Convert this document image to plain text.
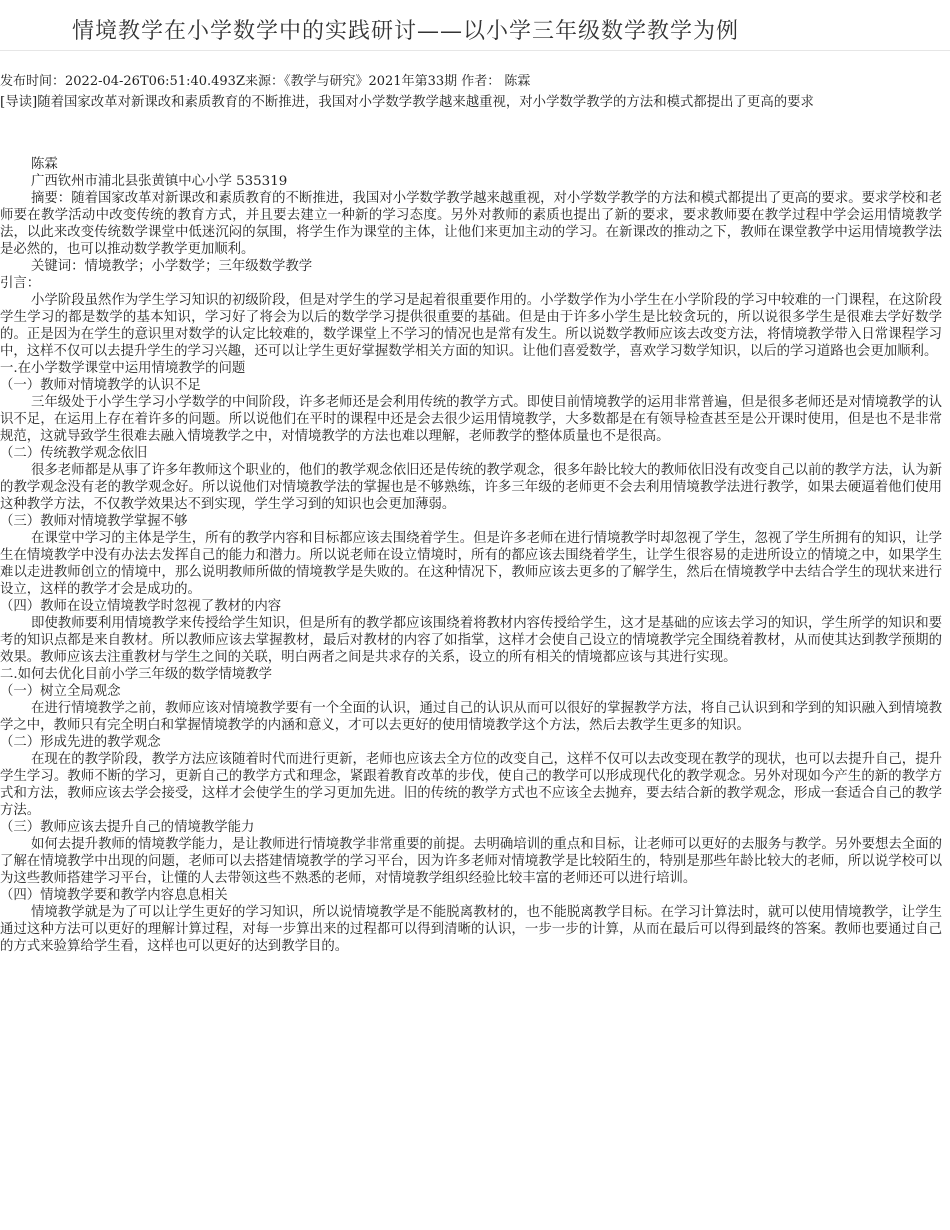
情境教学在小学数学中的实践研讨——以小学三年级数学教学为例
发布时间：2022-04-26T06:51:40.493Z来源：《教学与研究》2021年第33期 作者： 陈霖
[导读]随着国家改革对新课改和素质教育的不断推进，我国对小学数学教学越来越重视，对小学数学教学的方法和模式都提出了更高的要求
陈霖
广西钦州市浦北县张黄镇中心小学 535319
摘要：随着国家改革对新课改和素质教育的不断推进，我国对小学数学教学越来越重视，对小学数学教学的方法和模式都提出了更高的要求。要求学校和老师要在教学活动中改变传统的教育方式，并且要去建立一种新的学习态度。另外对教师的素质也提出了新的要求，要求教师要在教学过程中学会运用情境教学法，以此来改变传统数学课堂中低迷沉闷的氛围，将学生作为课堂的主体，让他们来更加主动的学习。在新课改的推动之下，教师在课堂教学中运用情境教学法是必然的，也可以推动数学教学更加顺利。
关键词：情境教学；小学数学；三年级数学教学
引言：
小学阶段虽然作为学生学习知识的初级阶段，但是对学生的学习是起着很重要作用的。小学数学作为小学生在小学阶段的学习中较难的一门课程，在这阶段学生学习的都是数学的基本知识，学习好了将会为以后的数学学习提供很重要的基础。但是由于许多小学生是比较贪玩的，所以说很多学生是很难去学好数学的。正是因为在学生的意识里对数学的认定比较难的，数学课堂上不学习的情况也是常有发生。所以说数学教师应该去改变方法，将情境教学带入日常课程学习中，这样不仅可以去提升学生的学习兴趣，还可以让学生更好掌握数学相关方面的知识。让他们喜爱数学，喜欢学习数学知识，以后的学习道路也会更加顺利。
一.在小学数学课堂中运用情境教学的问题
（一）教师对情境教学的认识不足
三年级处于小学生学习小学数学的中间阶段，许多老师还是会利用传统的教学方式。即使目前情境教学的运用非常普遍，但是很多老师还是对情境教学的认识不足，在运用上存在着许多的问题。所以说他们在平时的课程中还是会去很少运用情境教学，大多数都是在有领导检查甚至是公开课时使用，但是也不是非常规范，这就导致学生很难去融入情境教学之中，对情境教学的方法也难以理解，老师教学的整体质量也不是很高。
（二）传统教学观念依旧
很多老师都是从事了许多年教师这个职业的，他们的教学观念依旧还是传统的教学观念，很多年龄比较大的教师依旧没有改变自己以前的教学方法，认为新的教学观念没有老的教学观念好。所以说他们对情境教学法的掌握也是不够熟练，许多三年级的老师更不会去利用情境教学法进行教学，如果去硬逼着他们使用这种教学方法，不仅教学效果达不到实现，学生学习到的知识也会更加薄弱。
（三）教师对情境教学掌握不够
在课堂中学习的主体是学生，所有的教学内容和目标都应该去围绕着学生。但是许多老师在进行情境教学时却忽视了学生，忽视了学生所拥有的知识，让学生在情境教学中没有办法去发挥自己的能力和潜力。所以说老师在设立情境时，所有的都应该去围绕着学生，让学生很容易的走进所设立的情境之中，如果学生难以走进教师创立的情境中，那么说明教师所做的情境教学是失败的。在这种情况下，教师应该去更多的了解学生，然后在情境教学中去结合学生的现状来进行设立，这样的教学才会是成功的。
（四）教师在设立情境教学时忽视了教材的内容
即使教师要利用情境教学来传授给学生知识，但是所有的教学都应该围绕着将教材内容传授给学生，这才是基础的应该去学习的知识，学生所学的知识和要考的知识点都是来自教材。所以教师应该去掌握教材，最后对教材的内容了如指掌，这样才会使自己设立的情境教学完全围绕着教材，从而使其达到教学预期的效果。教师应该去注重教材与学生之间的关联，明白两者之间是共求存的关系，设立的所有相关的情境都应该与其进行实现。
二.如何去优化目前小学三年级的数学情境教学
（一）树立全局观念
在进行情境教学之前，教师应该对情境教学要有一个全面的认识，通过自己的认识从而可以很好的掌握教学方法，将自己认识到和学到的知识融入到情境教学之中，教师只有完全明白和掌握情境教学的内涵和意义，才可以去更好的使用情境教学这个方法，然后去教学生更多的知识。
（二）形成先进的教学观念
在现在的教学阶段，教学方法应该随着时代而进行更新，老师也应该去全方位的改变自己，这样不仅可以去改变现在教学的现状，也可以去提升自己，提升学生学习。教师不断的学习，更新自己的教学方式和理念，紧跟着教育改革的步伐，使自己的教学可以形成现代化的教学观念。另外对现如今产生的新的教学方式和方法，教师应该去学会接受，这样才会使学生的学习更加先进。旧的传统的教学方式也不应该全去抛弃，要去结合新的教学观念，形成一套适合自己的教学方法。
（三）教师应该去提升自己的情境教学能力
如何去提升教师的情境教学能力，是让教师进行情境教学非常重要的前提。去明确培训的重点和目标，让老师可以更好的去服务与教学。另外要想去全面的了解在情境教学中出现的问题，老师可以去搭建情境教学的学习平台，因为许多老师对情境教学是比较陌生的，特别是那些年龄比较大的老师，所以说学校可以为这些教师搭建学习平台，让懂的人去带领这些不熟悉的老师，对情境教学组织经验比较丰富的老师还可以进行培训。
（四）情境教学要和教学内容息息相关
情境教学就是为了可以让学生更好的学习知识，所以说情境教学是不能脱离教材的，也不能脱离教学目标。在学习计算法时，就可以使用情境教学，让学生通过这种方法可以更好的理解计算过程，对每一步算出来的过程都可以得到清晰的认识，一步一步的计算，从而在最后可以得到最终的答案。教师也要通过自己的方式来验算给学生看，这样也可以更好的达到教学目的。
